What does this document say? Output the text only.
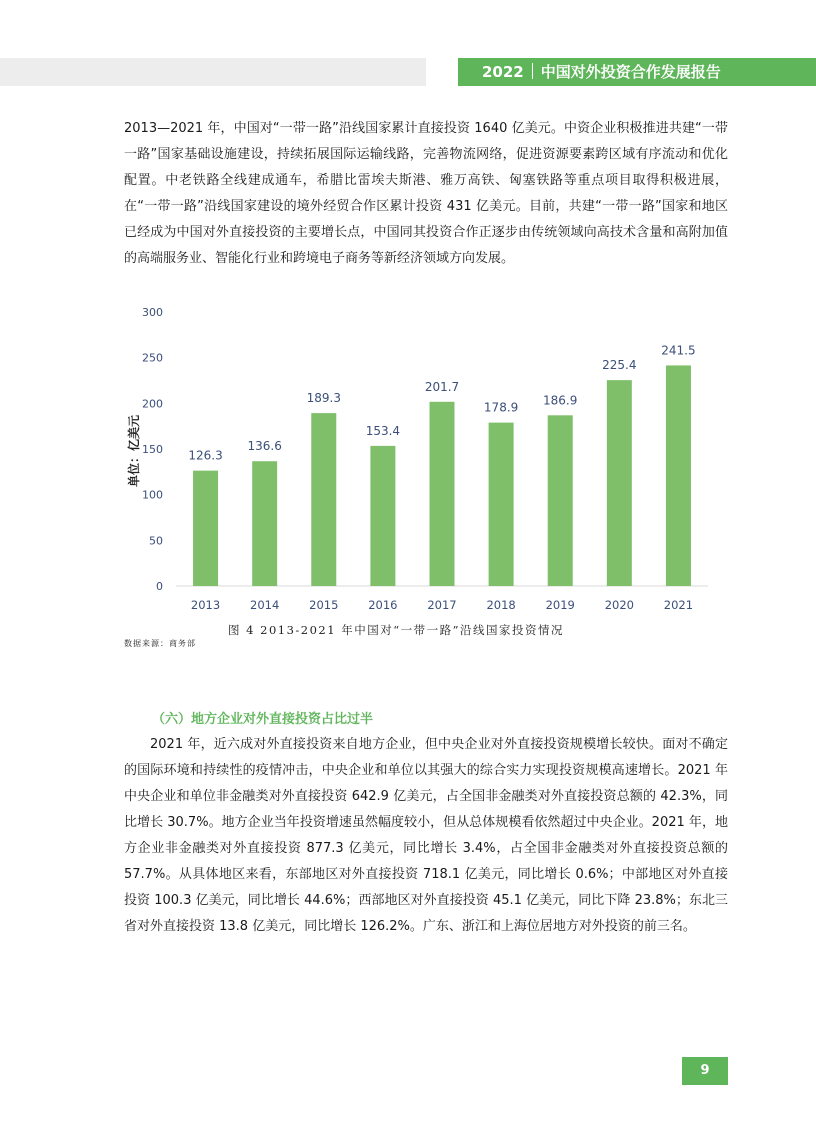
2022 中国对外投资合作发展报告

2013—2021 年，中国对“一带一路”沿线国家累计直接投资 1640 亿美元。中资企业积极推进共建“一带一路”国家基础设施建设，持续拓展国际运输线路，完善物流网络，促进资源要素跨区域有序流动和优化配置。中老铁路全线建成通车，希腊比雷埃夫斯港、雅万高铁、匈塞铁路等重点项目取得积极进展，在“一带一路”沿线国家建设的境外经贸合作区累计投资 431 亿美元。目前，共建“一带一路”国家和地区已经成为中国对外直接投资的主要增长点，中国同其投资合作正逐步由传统领域向高技术含量和高附加值的高端服务业、智能化行业和跨境电子商务等新经济领域方向发展。

0
50
100
150
200
250
300
单位：亿美元	126.3
2013
136.6
2014
189.3
2015
153.4
2016
201.7
2017
178.9
2018
186.9
2019
225.4
2020
241.5
2021
图 4 2013-2021 年中国对“一带一路”沿线国家投资情况
数据来源：商务部
（六）地方企业对外直接投资占比过半

2021 年，近六成对外直接投资来自地方企业，但中央企业对外直接投资规模增长较快。面对不确定的国际环境和持续性的疫情冲击，中央企业和单位以其强大的综合实力实现投资规模高速增长。2021 年中央企业和单位非金融类对外直接投资 642.9 亿美元，占全国非金融类对外直接投资总额的 42.3%，同比增长 30.7%。地方企业当年投资增速虽然幅度较小，但从总体规模看依然超过中央企业。2021 年，地方企业非金融类对外直接投资 877.3 亿美元，同比增长 3.4%，占全国非金融类对外直接投资总额的 57.7%。从具体地区来看，东部地区对外直接投资 718.1 亿美元，同比增长 0.6%；中部地区对外直接投资 100.3 亿美元，同比增长 44.6%；西部地区对外直接投资 45.1 亿美元，同比下降 23.8%；东北三省对外直接投资 13.8 亿美元，同比增长 126.2%。广东、浙江和上海位居地方对外投资的前三名。

9
